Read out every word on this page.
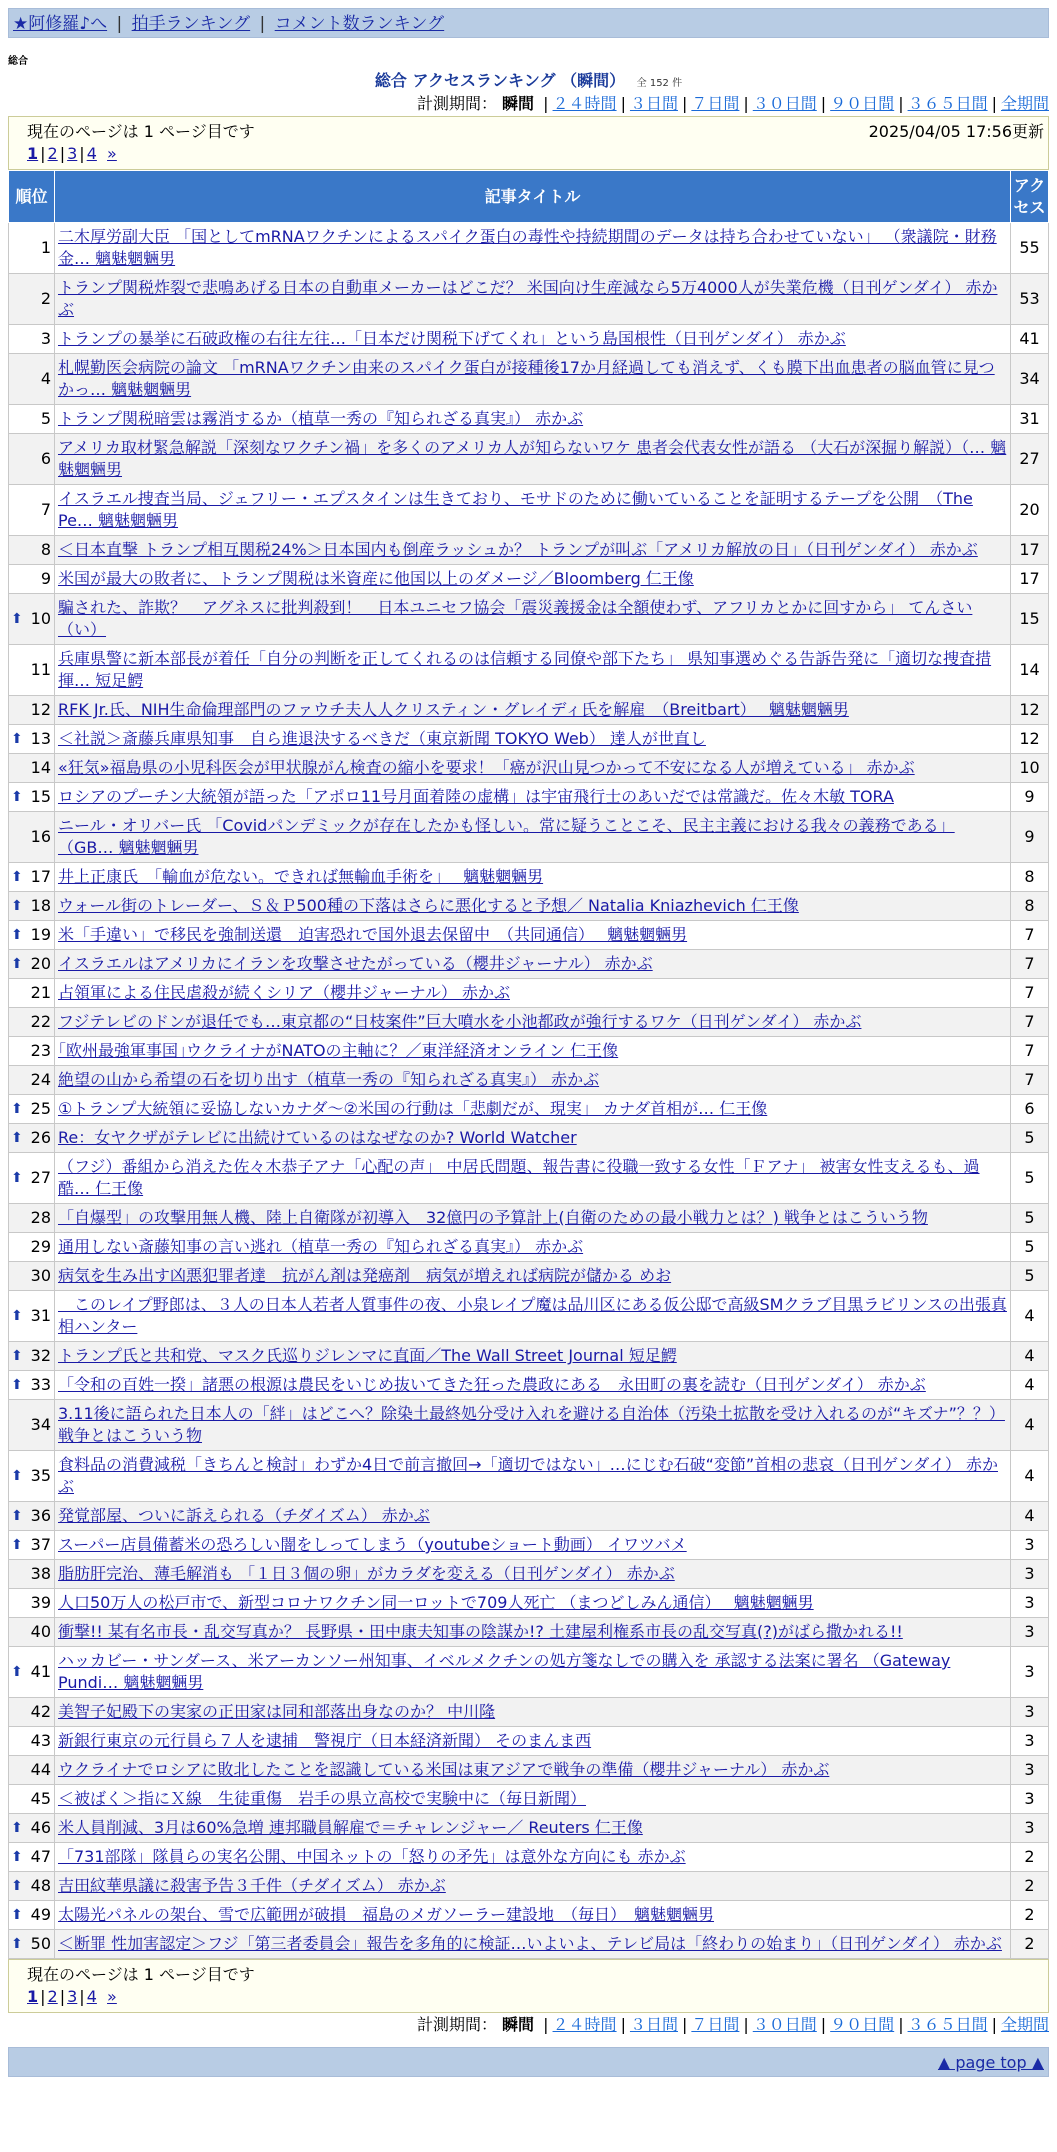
★阿修羅♪へ | 拍手ランキング | コメント数ランキング
総合
総合 アクセスランキング （瞬間） 全 152 件
計測期間： 瞬間 | ２４時間 | ３日間 | ７日間 | ３０日間 | ９０日間 | ３６５日間 | 全期間
現在のページは 1 ページ目です	2025/04/05 17:56更新
1 | 2 | 3 | 4 »
順位	記事タイトル	アクセス
1	二木厚労副大臣 「国としてmRNAワクチンによるスパイク蛋白の毒性や持続期間のデータは持ち合わせていない」 （衆議院・財務金… 魑魅魍魎男	55
2	トランプ関税炸裂で悲鳴あげる日本の自動車メーカーはどこだ？ 米国向け生産減なら5万4000人が失業危機（日刊ゲンダイ） 赤かぶ	53
3	トランプの暴挙に石破政権の右往左往…「日本だけ関税下げてくれ」という島国根性（日刊ゲンダイ） 赤かぶ	41
4	札幌勤医会病院の論文 「mRNAワクチン由来のスパイク蛋白が接種後17か月経過しても消えず、くも膜下出血患者の脳血管に見つかっ… 魑魅魍魎男	34
5	トランプ関税暗雲は霧消するか（植草一秀の『知られざる真実』） 赤かぶ	31
6	アメリカ取材緊急解説「深刻なワクチン禍」を多くのアメリカ人が知らないワケ 患者会代表女性が語る （大石が深掘り解説）（… 魑魅魍魎男	27
7	イスラエル捜査当局、ジェフリー・エプスタインは生きており、モサドのために働いていることを証明するテープを公開　（The Pe… 魑魅魍魎男	20
8	＜日本直撃 トランプ相互関税24%＞日本国内も倒産ラッシュか？ トランプが叫ぶ「アメリカ解放の日」（日刊ゲンダイ） 赤かぶ	17
9	米国が最大の敗者に、トランプ関税は米資産に他国以上のダメージ／Bloomberg 仁王像	17

⬆ 10	騙された、詐欺？　アグネスに批判殺到！　日本ユニセフ協会「震災義援金は全額使わず、アフリカとかに回すから」 てんさい（い）	15
11	兵庫県警に新本部長が着任「自分の判断を正してくれるのは信頼する同僚や部下たち」 県知事選めぐる告訴告発に「適切な捜査措揮… 短足鰐	14
12	RFK Jr.氏、NIH生命倫理部門のファウチ夫人人クリスティン・グレイディ氏を解雇　（Breitbart）　 魑魅魍魎男	12

⬆ 13	＜社説＞斎藤兵庫県知事　自ら進退決するべきだ（東京新聞 TOKYO Web） 達人が世直し	12
14	«狂気»福島県の小児科医会が甲状腺がん検査の縮小を要求！「癌が沢山見つかって不安になる人が増えている」 赤かぶ	10

⬆ 15	ロシアのプーチン大統領が語った「アポロ11号月面着陸の虚構」は宇宙飛行士のあいだでは常識だ。佐々木敏 TORA	9
16	ニール・オリバー氏 「Covidパンデミックが存在したかも怪しい。常に疑うことこそ、民主主義における我々の義務である」 （GB… 魑魅魍魎男	9

⬆ 17	井上正康氏　「輸血が危ない。できれば無輸血手術を」　 魑魅魍魎男	8

⬆ 18	ウォール街のトレーダー、Ｓ＆Ｐ500種の下落はさらに悪化すると予想／ Natalia Kniazhevich 仁王像	8

⬆ 19	米「手違い」で移民を強制送還　迫害恐れで国外退去保留中　（共同通信）　 魑魅魍魎男	7

⬆ 20	イスラエルはアメリカにイランを攻撃させたがっている（櫻井ジャーナル） 赤かぶ	7
21	占領軍による住民虐殺が続くシリア（櫻井ジャーナル） 赤かぶ	7
22	フジテレビのドンが退任でも…東京都の“日枝案件”巨大噴水を小池都政が強行するワケ（日刊ゲンダイ） 赤かぶ	7
23	｢欧州最強軍事国｣ウクライナがNATOの主軸に？／東洋経済オンライン 仁王像	7
24	絶望の山から希望の石を切り出す（植草一秀の『知られざる真実』） 赤かぶ	7

⬆ 25	①トランプ大統領に妥協しないカナダ～②米国の行動は「悲劇だが、現実」 カナダ首相が… 仁王像	6

⬆ 26	Re：女ヤクザがテレビに出続けているのはなぜなのか? World Watcher	5

⬆ 27	（フジ）番組から消えた佐々木恭子アナ「心配の声」 中居氏問題、報告書に役職一致する女性「Ｆアナ」 被害女性支えるも、過酷… 仁王像	5
28	「自爆型」の攻撃用無人機、陸上自衛隊が初導入　32億円の予算計上(自衛のための最小戦力とは？) 戦争とはこういう物	5
29	通用しない斎藤知事の言い逃れ（植草一秀の『知られざる真実』） 赤かぶ	5
30	病気を生み出す凶悪犯罪者達　抗がん剤は発癌剤　病気が増えれば病院が儲かる めお	5

⬆ 31	　このレイプ野郎は、３人の日本人若者人質事件の夜、小泉レイプ魔は品川区にある仮公邸で高級SMクラブ目黒ラビリンスの出張真相ハンター	4

⬆ 32	トランプ氏と共和党、マスク氏巡りジレンマに直面／The Wall Street Journal 短足鰐	4

⬆ 33	「令和の百姓一揆」諸悪の根源は農民をいじめ抜いてきた狂った農政にある　永田町の裏を読む（日刊ゲンダイ） 赤かぶ	4
34	3.11後に語られた日本人の「絆」はどこへ？除染土最終処分受け入れを避ける自治体（汚染土拡散を受け入れるのが“キズナ”？？）戦争とはこういう物	4

⬆ 35	食料品の消費減税「きちんと検討」わずか4日で前言撤回→「適切ではない」…にじむ石破“変節”首相の悲哀（日刊ゲンダイ） 赤かぶ	4

⬆ 36	発覚部屋、ついに訴えられる（チダイズム） 赤かぶ	4

⬆ 37	スーパー店員備蓄米の恐ろしい闇をしってしまう（youtubeショート動画） イワツバメ	3
38	脂肪肝完治、薄毛解消も 「１日３個の卵」がカラダを変える（日刊ゲンダイ） 赤かぶ	3
39	人口50万人の松戸市で、新型コロナワクチン同一ロットで709人死亡 （まつどしみん通信）　 魑魅魍魎男	3
40	衝撃!! 某有名市長・乱交写真か？ 長野県・田中康夫知事の陰謀か!? 土建屋利権系市長の乱交写真(?)がばら撒かれる!!	3

⬆ 41	ハッカビー・サンダース、米アーカンソー州知事、イベルメクチンの処方箋なしでの購入を 承認する法案に署名 （Gateway Pundi… 魑魅魍魎男	3
42	美智子妃殿下の実家の正田家は同和部落出身なのか？ 中川隆	3
43	新銀行東京の元行員ら７人を逮捕　警視庁（日本経済新聞） そのまんま西	3
44	ウクライナでロシアに敗北したことを認識している米国は東アジアで戦争の準備（櫻井ジャーナル） 赤かぶ	3
45	＜被ばく＞指にＸ線　生徒重傷　岩手の県立高校で実験中に（毎日新聞）	3

⬆ 46	米人員削減、3月は60%急増 連邦職員解雇で＝チャレンジャー／ Reuters 仁王像	3

⬆ 47	「731部隊」隊員らの実名公開、中国ネットの「怒りの矛先」は意外な方向にも 赤かぶ	2

⬆ 48	吉田紋華県議に殺害予告３千件（チダイズム） 赤かぶ	2

⬆ 49	太陽光パネルの架台、雪で広範囲が破損　福島のメガソーラー建設地　（毎日）　魑魅魍魎男	2

⬆ 50	＜断罪 性加害認定＞フジ「第三者委員会」報告を多角的に検証…いよいよ、テレビ局は「終わりの始まり」（日刊ゲンダイ） 赤かぶ	2
現在のページは 1 ページ目です
1 | 2 | 3 | 4 »
計測期間： 瞬間 | ２４時間 | ３日間 | ７日間 | ３０日間 | ９０日間 | ３６５日間 | 全期間
▲ page top ▲
